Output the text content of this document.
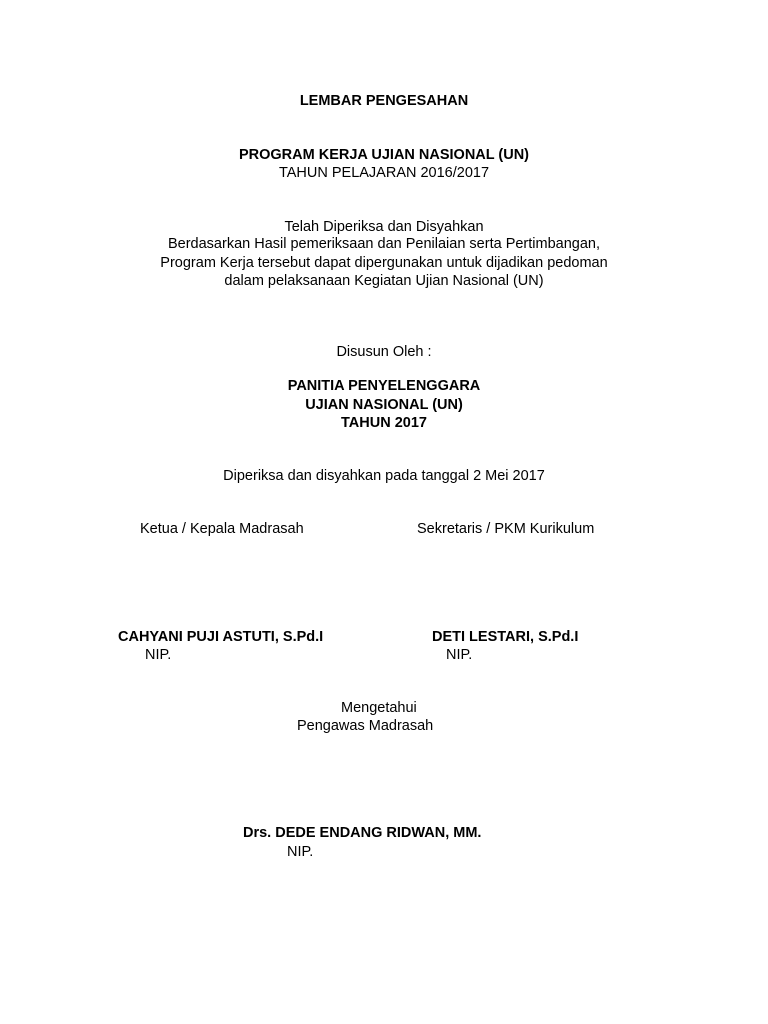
LEMBAR PENGESAHAN
PROGRAM KERJA UJIAN NASIONAL (UN)
TAHUN PELAJARAN 2016/2017
Telah Diperiksa dan Disyahkan
Berdasarkan Hasil pemeriksaan dan Penilaian serta Pertimbangan,
Program Kerja tersebut dapat dipergunakan untuk dijadikan pedoman
dalam pelaksanaan Kegiatan Ujian Nasional (UN)
Disusun Oleh :
PANITIA PENYELENGGARA
UJIAN NASIONAL (UN)
TAHUN 2017
Diperiksa dan disyahkan pada tanggal 2 Mei 2017
Ketua / Kepala Madrasah	Sekretaris / PKM Kurikulum
CAHYANI PUJI ASTUTI, S.Pd.I
NIP.
DETI LESTARI, S.Pd.I
NIP.
Mengetahui
Pengawas Madrasah
Drs. DEDE ENDANG RIDWAN, MM.
NIP.
